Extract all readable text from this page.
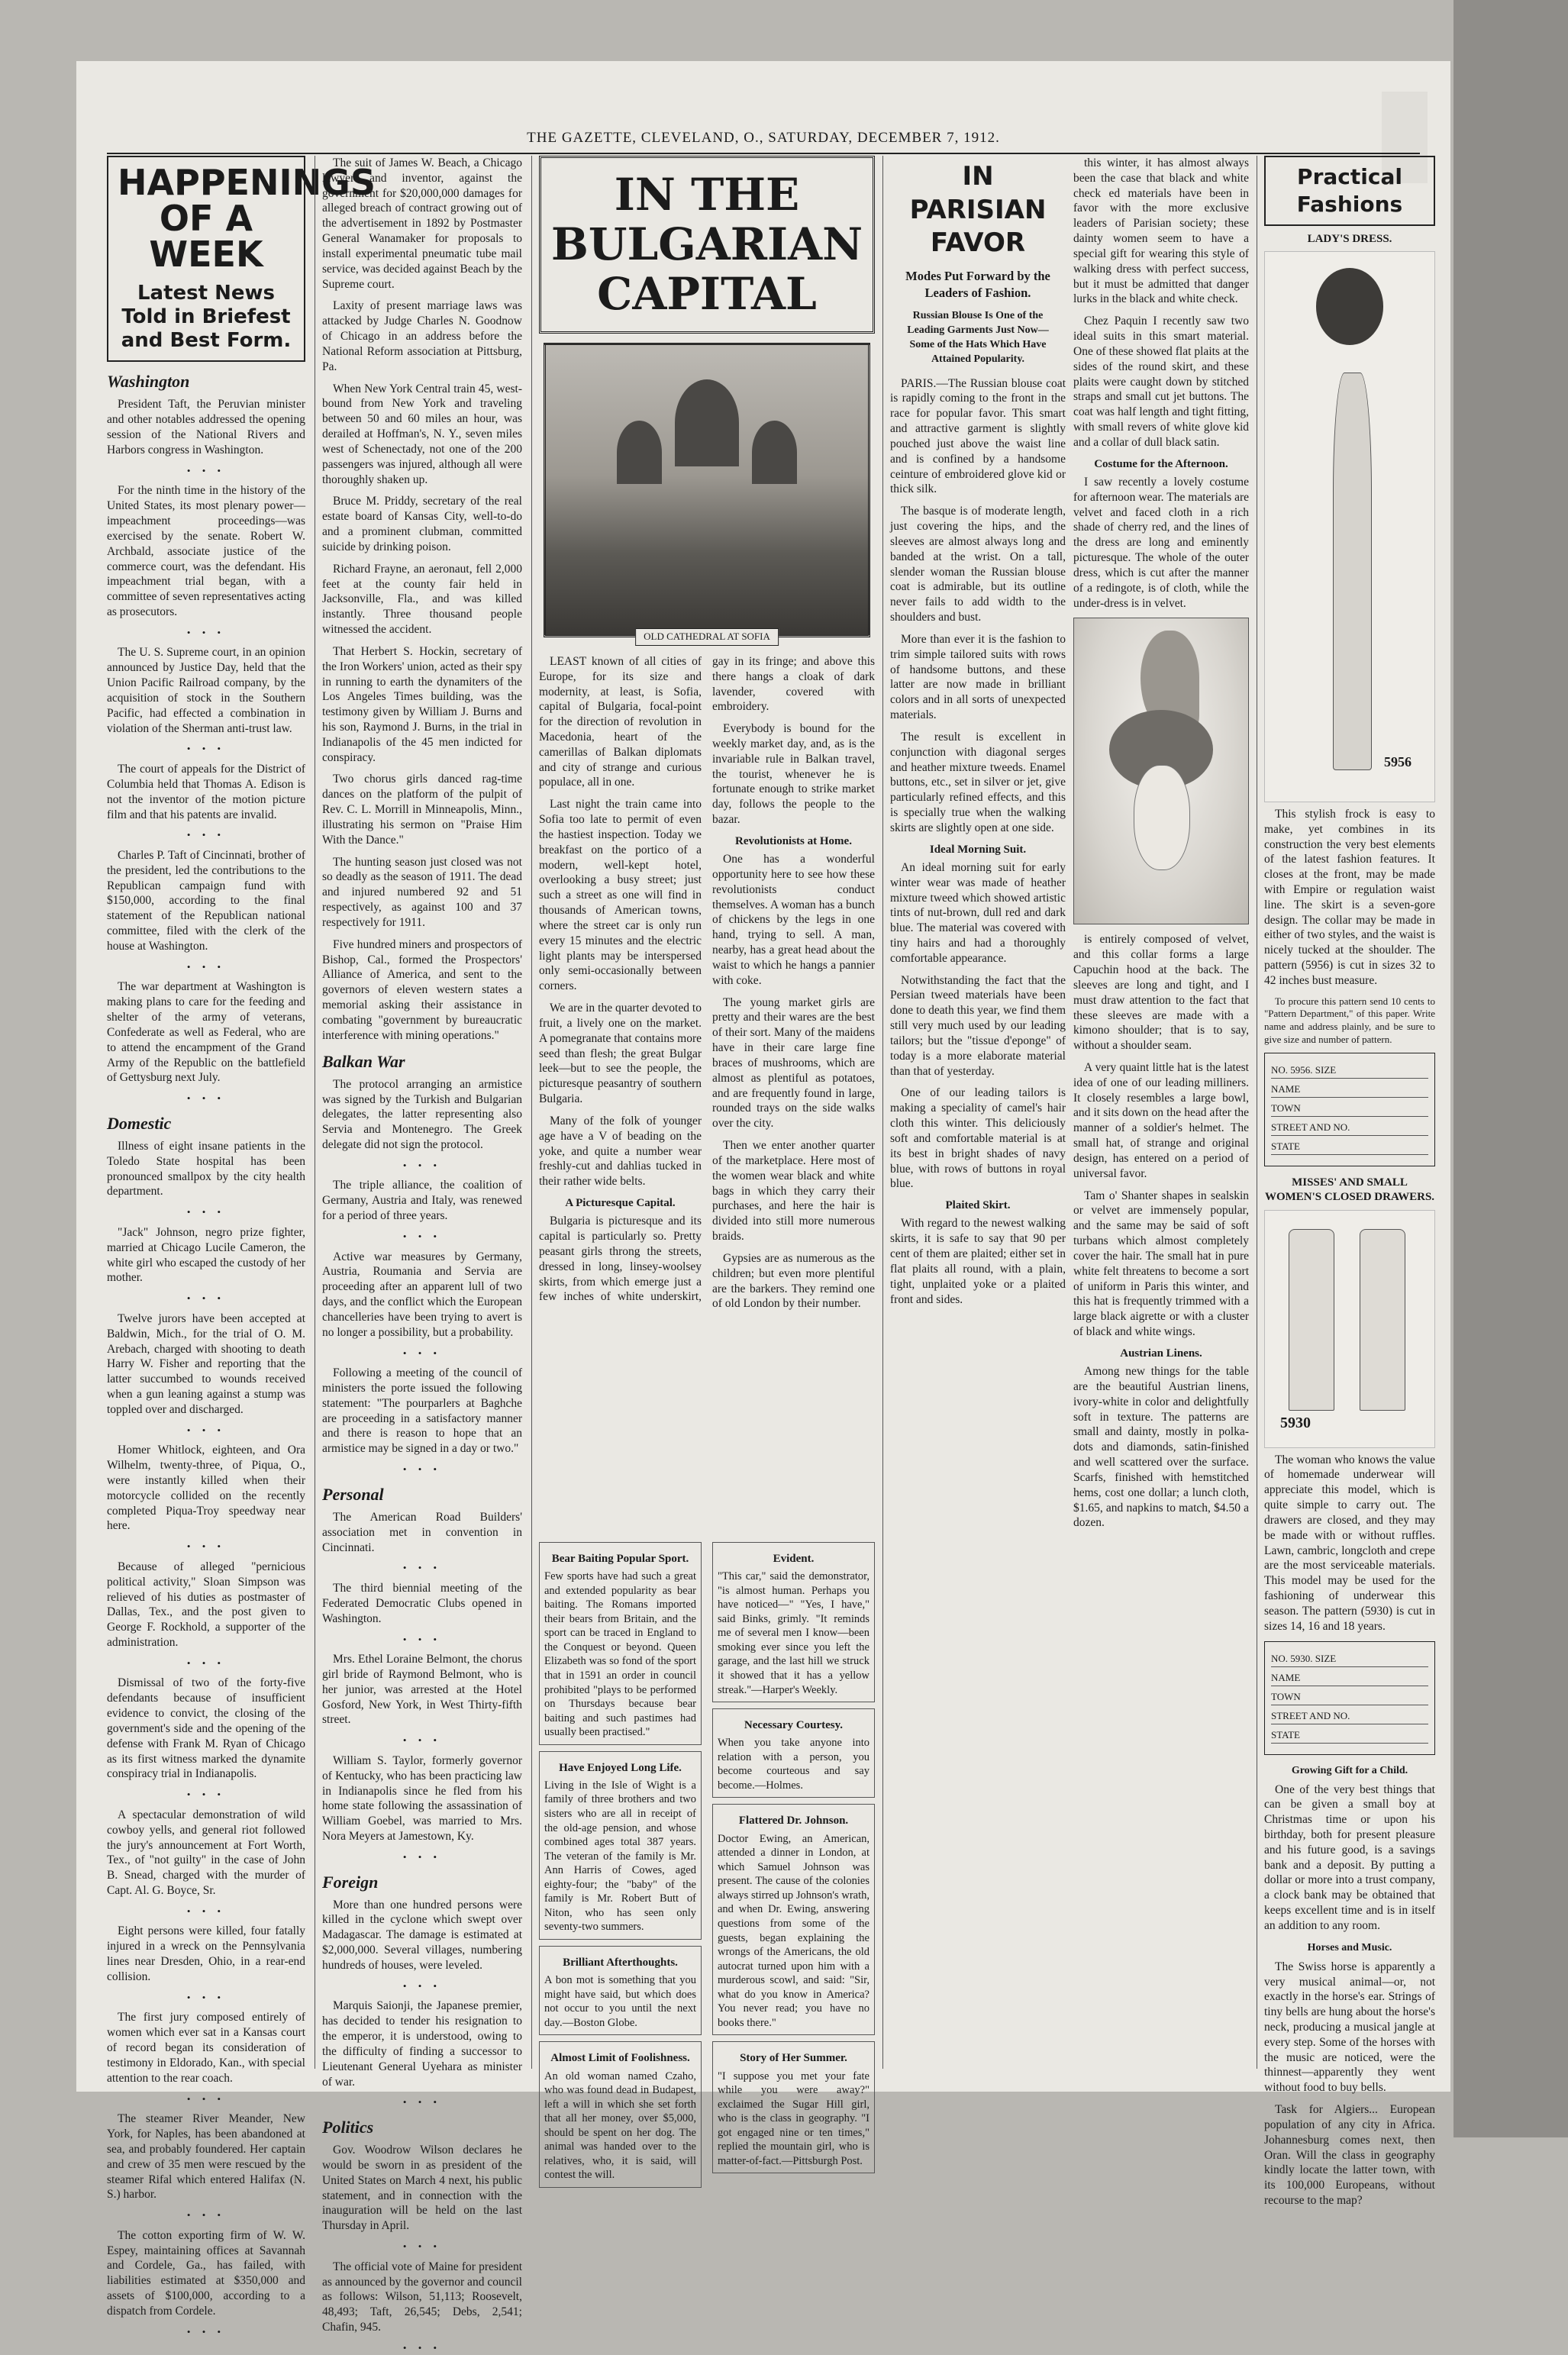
THE GAZETTE, CLEVELAND, O., SATURDAY, DECEMBER 7, 1912.
HAPPENINGS OF A WEEK
Latest News Told in Briefest and Best Form.
Washington

President Taft, the Peruvian minister and other notables addressed the opening session of the National Rivers and Harbors congress in Washington.

• • •

For the ninth time in the history of the United States, its most plenary power—impeachment proceedings—was exercised by the senate. Robert W. Archbald, associate justice of the commerce court, was the defendant. His impeachment trial began, with a committee of seven representatives acting as prosecutors.

• • •

The U. S. Supreme court, in an opinion announced by Justice Day, held that the Union Pacific Railroad company, by the acquisition of stock in the Southern Pacific, had effected a combination in violation of the Sherman anti-trust law.

• • •

The court of appeals for the District of Columbia held that Thomas A. Edison is not the inventor of the motion picture film and that his patents are invalid.

• • •

Charles P. Taft of Cincinnati, brother of the president, led the contributions to the Republican campaign fund with $150,000, according to the final statement of the Republican national committee, filed with the clerk of the house at Washington.

• • •

The war department at Washington is making plans to care for the feeding and shelter of the army of veterans, Confederate as well as Federal, who are to attend the encampment of the Grand Army of the Republic on the battlefield of Gettysburg next July.

• • •
Domestic

Illness of eight insane patients in the Toledo State hospital has been pronounced smallpox by the city health department.

• • •

"Jack" Johnson, negro prize fighter, married at Chicago Lucile Cameron, the white girl who escaped the custody of her mother.

• • •

Twelve jurors have been accepted at Baldwin, Mich., for the trial of O. M. Arebach, charged with shooting to death Harry W. Fisher and reporting that the latter succumbed to wounds received when a gun leaning against a stump was toppled over and discharged.

• • •

Homer Whitlock, eighteen, and Ora Wilhelm, twenty-three, of Piqua, O., were instantly killed when their motorcycle collided on the recently completed Piqua-Troy speedway near here.

• • •

Because of alleged "pernicious political activity," Sloan Simpson was relieved of his duties as postmaster of Dallas, Tex., and the post given to George F. Rockhold, a supporter of the administration.

• • •

Dismissal of two of the forty-five defendants because of insufficient evidence to convict, the closing of the government's side and the opening of the defense with Frank M. Ryan of Chicago as its first witness marked the dynamite conspiracy trial in Indianapolis.

• • •

A spectacular demonstration of wild cowboy yells, and general riot followed the jury's announcement at Fort Worth, Tex., of "not guilty" in the case of John B. Snead, charged with the murder of Capt. Al. G. Boyce, Sr.

• • •

Eight persons were killed, four fatally injured in a wreck on the Pennsylvania lines near Dresden, Ohio, in a rear-end collision.

• • •

The first jury composed entirely of women which ever sat in a Kansas court of record began its consideration of testimony in Eldorado, Kan., with special attention to the rear coach.

• • •

The steamer River Meander, New York, for Naples, has been abandoned at sea, and probably foundered. Her captain and crew of 35 men were rescued by the steamer Rifal which entered Halifax (N. S.) harbor.

• • •

The cotton exporting firm of W. W. Espey, maintaining offices at Savannah and Cordele, Ga., has failed, with liabilities estimated at $350,000 and assets of $100,000, according to a dispatch from Cordele.

• • •

The suit of James W. Beach, a Chicago lawyer and inventor, against the government for $20,000,000 damages for alleged breach of contract growing out of the advertisement in 1892 by Postmaster General Wanamaker for proposals to install experimental pneumatic tube mail service, was decided against Beach by the Supreme court.

Laxity of present marriage laws was attacked by Judge Charles N. Goodnow of Chicago in an address before the National Reform association at Pittsburg, Pa.

When New York Central train 45, west-bound from New York and traveling between 50 and 60 miles an hour, was derailed at Hoffman's, N. Y., seven miles west of Schenectady, not one of the 200 passengers was injured, although all were thoroughly shaken up.

Bruce M. Priddy, secretary of the real estate board of Kansas City, well-to-do and a prominent clubman, committed suicide by drinking poison.

Richard Frayne, an aeronaut, fell 2,000 feet at the county fair held in Jacksonville, Fla., and was killed instantly. Three thousand people witnessed the accident.

That Herbert S. Hockin, secretary of the Iron Workers' union, acted as their spy in running to earth the dynamiters of the Los Angeles Times building, was the testimony given by William J. Burns and his son, Raymond J. Burns, in the trial in Indianapolis of the 45 men indicted for conspiracy.

Two chorus girls danced rag-time dances on the platform of the pulpit of Rev. C. L. Morrill in Minneapolis, Minn., illustrating his sermon on "Praise Him With the Dance."

The hunting season just closed was not so deadly as the season of 1911. The dead and injured numbered 92 and 51 respectively, as against 100 and 37 respectively for 1911.

Five hundred miners and prospectors of Bishop, Cal., formed the Prospectors' Alliance of America, and sent to the governors of eleven western states a memorial asking their assistance in combating "government by bureaucratic interference with mining operations."

Balkan War

The protocol arranging an armistice was signed by the Turkish and Bulgarian delegates, the latter representing also Servia and Montenegro. The Greek delegate did not sign the protocol.

• • •

The triple alliance, the coalition of Germany, Austria and Italy, was renewed for a period of three years.

• • •

Active war measures by Germany, Austria, Roumania and Servia are proceeding after an apparent lull of two days, and the conflict which the European chancelleries have been trying to avert is no longer a possibility, but a probability.

• • •

Following a meeting of the council of ministers the porte issued the following statement: "The pourparlers at Baghche are proceeding in a satisfactory manner and there is reason to hope that an armistice may be signed in a day or two."

• • •
Personal

The American Road Builders' association met in convention in Cincinnati.

• • •

The third biennial meeting of the Federated Democratic Clubs opened in Washington.

• • •

Mrs. Ethel Loraine Belmont, the chorus girl bride of Raymond Belmont, who is her junior, was arrested at the Hotel Gosford, New York, in West Thirty-fifth street.

• • •

William S. Taylor, formerly governor of Kentucky, who has been practicing law in Indianapolis since he fled from his home state following the assassination of William Goebel, was married to Mrs. Nora Meyers at Jamestown, Ky.

• • •
Foreign

More than one hundred persons were killed in the cyclone which swept over Madagascar. The damage is estimated at $2,000,000. Several villages, numbering hundreds of houses, were leveled.

• • •

Marquis Saionji, the Japanese premier, has decided to tender his resignation to the emperor, it is understood, owing to the difficulty of finding a successor to Lieutenant General Uyehara as minister of war.

• • •
Politics

Gov. Woodrow Wilson declares he would be sworn in as president of the United States on March 4 next, his public statement, and in connection with the inauguration will be held on the last Thursday in April.

• • •

The official vote of Maine for president as announced by the governor and council as follows: Wilson, 51,113; Roosevelt, 48,493; Taft, 26,545; Debs, 2,541; Chafin, 945.

• • •
IN THE BULGARIAN
CAPITAL
OLD CATHEDRAL AT SOFIA

LEAST known of all cities of Europe, for its size and modernity, at least, is Sofia, capital of Bulgaria, focal-point for the direction of revolution in Macedonia, heart of the camerillas of Balkan diplomats and city of strange and curious populace, all in one.

Last night the train came into Sofia too late to permit of even the hastiest inspection. Today we breakfast on the portico of a modern, well-kept hotel, overlooking a busy street; just such a street as one will find in thousands of American towns, where the street car is only run every 15 minutes and the electric light plants may be interspersed only semi-occasionally between corners.

We are in the quarter devoted to fruit, a lively one on the market. A pomegranate that contains more seed than flesh; the great Bulgar leek—but to see the people, the picturesque peasantry of southern Bulgaria.

Many of the folk of younger age have a V of beading on the yoke, and quite a number wear freshly-cut and dahlias tucked in their rather wide belts.

A Picturesque Capital.

Bulgaria is picturesque and its capital is particularly so. Pretty peasant girls throng the streets, dressed in long, linsey-woolsey skirts, from which emerge just a few inches of white underskirt, gay in its fringe; and above this there hangs a cloak of dark lavender, covered with embroidery.

Everybody is bound for the weekly market day, and, as is the invariable rule in Balkan travel, the tourist, whenever he is fortunate enough to strike market day, follows the people to the bazar.

Revolutionists at Home.

One has a wonderful opportunity here to see how these revolutionists conduct themselves. A woman has a bunch of chickens by the legs in one hand, trying to sell. A man, nearby, has a great head about the waist to which he hangs a pannier with coke.

The young market girls are pretty and their wares are the best of their sort. Many of the maidens have in their care large fine braces of mushrooms, which are almost as plentiful as potatoes, and are frequently found in large, rounded trays on the side walks over the city.

Then we enter another quarter of the marketplace. Here most of the women wear black and white bags in which they carry their purchases, and here the hair is divided into still more numerous braids.

Gypsies are as numerous as the children; but even more plentiful are the barkers. They remind one of old London by their number.

Bear Baiting Popular Sport.
Few sports have had such a great and extended popularity as bear baiting. The Romans imported their bears from Britain, and the sport can be traced in England to the Conquest or beyond. Queen Elizabeth was so fond of the sport that in 1591 an order in council prohibited "plays to be performed on Thursdays because bear baiting and such pastimes had usually been practised."
Have Enjoyed Long Life.
Living in the Isle of Wight is a family of three brothers and two sisters who are all in receipt of the old-age pension, and whose combined ages total 387 years. The veteran of the family is Mr. Ann Harris of Cowes, aged eighty-four; the "baby" of the family is Mr. Robert Butt of Niton, who has seen only seventy-two summers.
Brilliant Afterthoughts.
A bon mot is something that you might have said, but which does not occur to you until the next day.—Boston Globe.
Almost Limit of Foolishness.
An old woman named Czaho, who was found dead in Budapest, left a will in which she set forth that all her money, over $5,000, should be spent on her dog. The animal was handed over to the relatives, who, it is said, will contest the will.
Evident.
"This car," said the demonstrator, "is almost human. Perhaps you have noticed—" "Yes, I have," said Binks, grimly. "It reminds me of several men I know—been smoking ever since you left the garage, and the last hill we struck it showed that it has a yellow streak."—Harper's Weekly.
Necessary Courtesy.
When you take anyone into relation with a person, you become courteous and say become.—Holmes.
Flattered Dr. Johnson.
Doctor Ewing, an American, attended a dinner in London, at which Samuel Johnson was present. The cause of the colonies always stirred up Johnson's wrath, and when Dr. Ewing, answering questions from some of the guests, began explaining the wrongs of the Americans, the old autocrat turned upon him with a murderous scowl, and said: "Sir, what do you know in America? You never read; you have no books there."
Story of Her Summer.
"I suppose you met your fate while you were away?" exclaimed the Sugar Hill girl, who is the class in geography. "I got engaged nine or ten times," replied the mountain girl, who is matter-of-fact.—Pittsburgh Post.
IN PARISIAN FAVOR
Modes Put Forward by the Leaders of Fashion.
Russian Blouse Is One of the Leading Garments Just Now—Some of the Hats Which Have Attained Popularity.

PARIS.—The Russian blouse coat is rapidly coming to the front in the race for popular favor. This smart and attractive garment is slightly pouched just above the waist line and is confined by a handsome ceinture of embroidered glove kid or thick silk.

The basque is of moderate length, just covering the hips, and the sleeves are almost always long and banded at the wrist. On a tall, slender woman the Russian blouse coat is admirable, but its outline never fails to add width to the shoulders and bust.

More than ever it is the fashion to trim simple tailored suits with rows of handsome buttons, and these latter are now made in brilliant colors and in all sorts of unexpected materials.

The result is excellent in conjunction with diagonal serges and heather mixture tweeds. Enamel buttons, etc., set in silver or jet, give particularly refined effects, and this is specially true when the walking skirts are slightly open at one side.

Ideal Morning Suit.

An ideal morning suit for early winter wear was made of heather mixture tweed which showed artistic tints of nut-brown, dull red and dark blue. The material was covered with tiny hairs and had a thoroughly comfortable appearance.

Notwithstanding the fact that the Persian tweed materials have been done to death this year, we find them still very much used by our leading tailors; but the "tissue d'eponge" of today is a more elaborate material than that of yesterday.

One of our leading tailors is making a speciality of camel's hair cloth this winter. This deliciously soft and comfortable material is at its best in bright shades of navy blue, with rows of buttons in royal blue.

Plaited Skirt.

With regard to the newest walking skirts, it is safe to say that 90 per cent of them are plaited; either set in flat plaits all round, with a plain, tight, unplaited yoke or a plaited front and sides.

this winter, it has almost always been the case that black and white check ed materials have been in favor with the more exclusive leaders of Parisian society; these dainty women seem to have a special gift for wearing this style of walking dress with perfect success, but it must be admitted that danger lurks in the black and white check.

Chez Paquin I recently saw two ideal suits in this smart material. One of these showed flat plaits at the sides of the round skirt, and these plaits were caught down by stitched straps and small cut jet buttons. The coat was half length and tight fitting, with small revers of white glove kid and a collar of dull black satin.

Costume for the Afternoon.

I saw recently a lovely costume for afternoon wear. The materials are velvet and faced cloth in a rich shade of cherry red, and the lines of the dress are long and eminently picturesque. The whole of the outer dress, which is cut after the manner of a redingote, is of cloth, while the under-dress is in velvet.

is entirely composed of velvet, and this collar forms a large Capuchin hood at the back. The sleeves are long and tight, and I must draw attention to the fact that these sleeves are made with a kimono shoulder; that is to say, without a shoulder seam.

A very quaint little hat is the latest idea of one of our leading milliners. It closely resembles a large bowl, and it sits down on the head after the manner of a soldier's helmet. The small hat, of strange and original design, has entered on a period of universal favor.

Tam o' Shanter shapes in sealskin or velvet are immensely popular, and the same may be said of soft turbans which almost completely cover the hair. The small hat in pure white felt threatens to become a sort of uniform in Paris this winter, and this hat is frequently trimmed with a large black aigrette or with a cluster of black and white wings.

Austrian Linens.

Among new things for the table are the beautiful Austrian linens, ivory-white in color and delightfully soft in texture. The patterns are small and dainty, mostly in polka-dots and diamonds, satin-finished and well scattered over the surface. Scarfs, finished with hemstitched hems, cost one dollar; a lunch cloth, $1.65, and napkins to match, $4.50 a dozen.

Practical Fashions
LADY'S DRESS.
5956

This stylish frock is easy to make, yet combines in its construction the very best elements of the latest fashion features. It closes at the front, may be made with Empire or regulation waist line. The skirt is a seven-gore design. The collar may be made in either of two styles, and the waist is nicely tucked at the shoulder. The pattern (5956) is cut in sizes 32 to 42 inches bust measure.

To procure this pattern send 10 cents to "Pattern Department," of this paper. Write name and address plainly, and be sure to give size and number of pattern.

NO. 5956. SIZE
NAME
TOWN
STREET AND NO.
STATE
MISSES' AND SMALL WOMEN'S CLOSED DRAWERS.
5930

The woman who knows the value of homemade underwear will appreciate this model, which is quite simple to carry out. The drawers are closed, and they may be made with or without ruffles. Lawn, cambric, longcloth and crepe are the most serviceable materials. This model may be used for the fashioning of underwear this season. The pattern (5930) is cut in sizes 14, 16 and 18 years.

NO. 5930. SIZE
NAME
TOWN
STREET AND NO.
STATE
Growing Gift for a Child.

One of the very best things that can be given a small boy at Christmas time or upon his birthday, both for present pleasure and his future good, is a savings bank and a deposit. By putting a dollar or more into a trust company, a clock bank may be obtained that keeps excellent time and is in itself an addition to any room.

Horses and Music.

The Swiss horse is apparently a very musical animal—or, not exactly in the horse's ear. Strings of tiny bells are hung about the horse's neck, producing a musical jangle at every step. Some of the horses with the music are noticed, were the thinnest—apparently they went without food to buy bells.

Task for Algiers... European population of any city in Africa. Johannesburg comes next, then Oran. Will the class in geography kindly locate the latter town, with its 100,000 Europeans, without recourse to the map?
